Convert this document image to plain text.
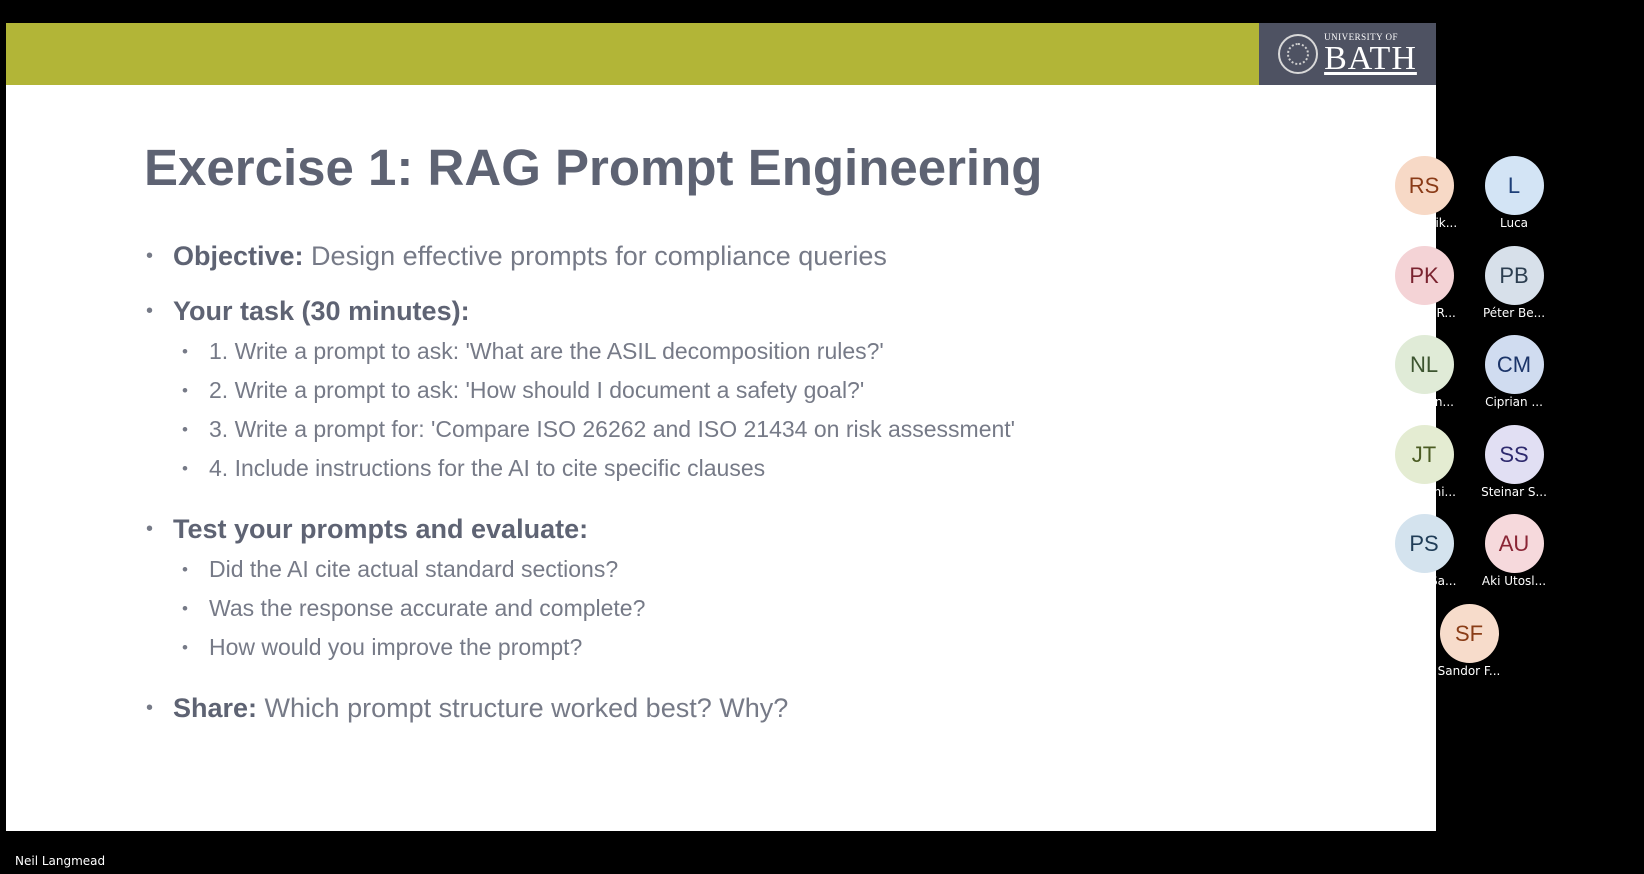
UNIVERSITY OF
BATH
Exercise 1: RAG Prompt Engineering
• Objective: Design effective prompts for compliance queries
• Your task (30 minutes):
• 1. Write a prompt to ask: 'What are the ASIL decomposition rules?'
• 2. Write a prompt to ask: 'How should I document a safety goal?'
• 3. Write a prompt for: 'Compare ISO 26262 and ISO 21434 on risk assessment'
• 4. Include instructions for the AI to cite specific clauses
• Test your prompts and evaluate:
• Did the AI cite actual standard sections?
• Was the response accurate and complete?
• How would you improve the prompt?
• Share: Which prompt structure worked best? Why?
RS
Riku Saik...
L
Luca
PK
Prasad R...
PB
Péter Be...
NL
Neil Lan...
CM
Ciprian ...
JT
John Emi...
SS
Steinar S...
PS
Pawel Sa...
AU
Aki Utosl...
SF
Sandor F...
Neil Langmead
